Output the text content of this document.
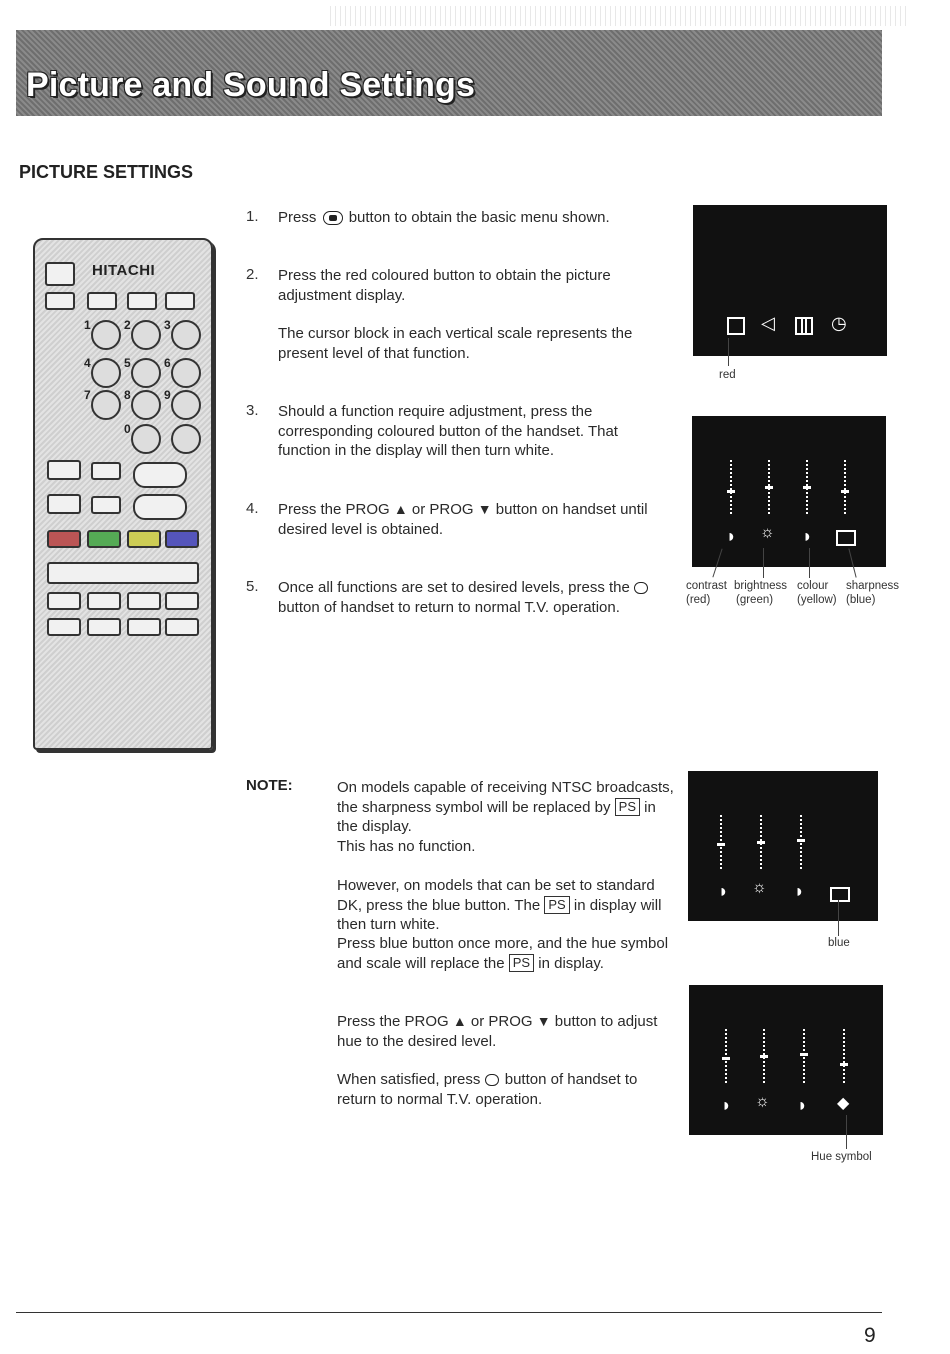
Picture and Sound Settings
PICTURE SETTINGS
1	2	3
4	5	6
7	8	9
0
HITACHI
1. Press button to obtain the basic menu shown.
2. Press the red coloured button to obtain the picture adjustment display.
The cursor block in each vertical scale represents the present level of that function.
3. Should a function require adjustment, press the corresponding coloured button of the handset. That function in the display will then turn white.
4. Press the PROG ▲ or PROG ▼ button on handset until desired level is obtained.
5. Once all functions are set to desired levels, press the  button of handset to return to normal T.V. operation.
◁	◷
red
◗ ☼ ◗
contrast
(red)
brightness
(green)
colour
(yellow)
sharpness
(blue)
NOTE:	On models capable of receiving NTSC broadcasts, the sharpness symbol will be replaced by PS in the display.
This has no function.
However, on models that can be set to standard DK, press the blue button. The PS in display will then turn white.
Press blue button once more, and the hue symbol and scale will replace the PS in display.
Press the PROG ▲ or PROG ▼ button to adjust hue to the desired level.
When satisfied, press button of handset to return to normal T.V. operation.
◗ ☼ ◗
blue
◗ ☼ ◗ ◆
Hue symbol
9
